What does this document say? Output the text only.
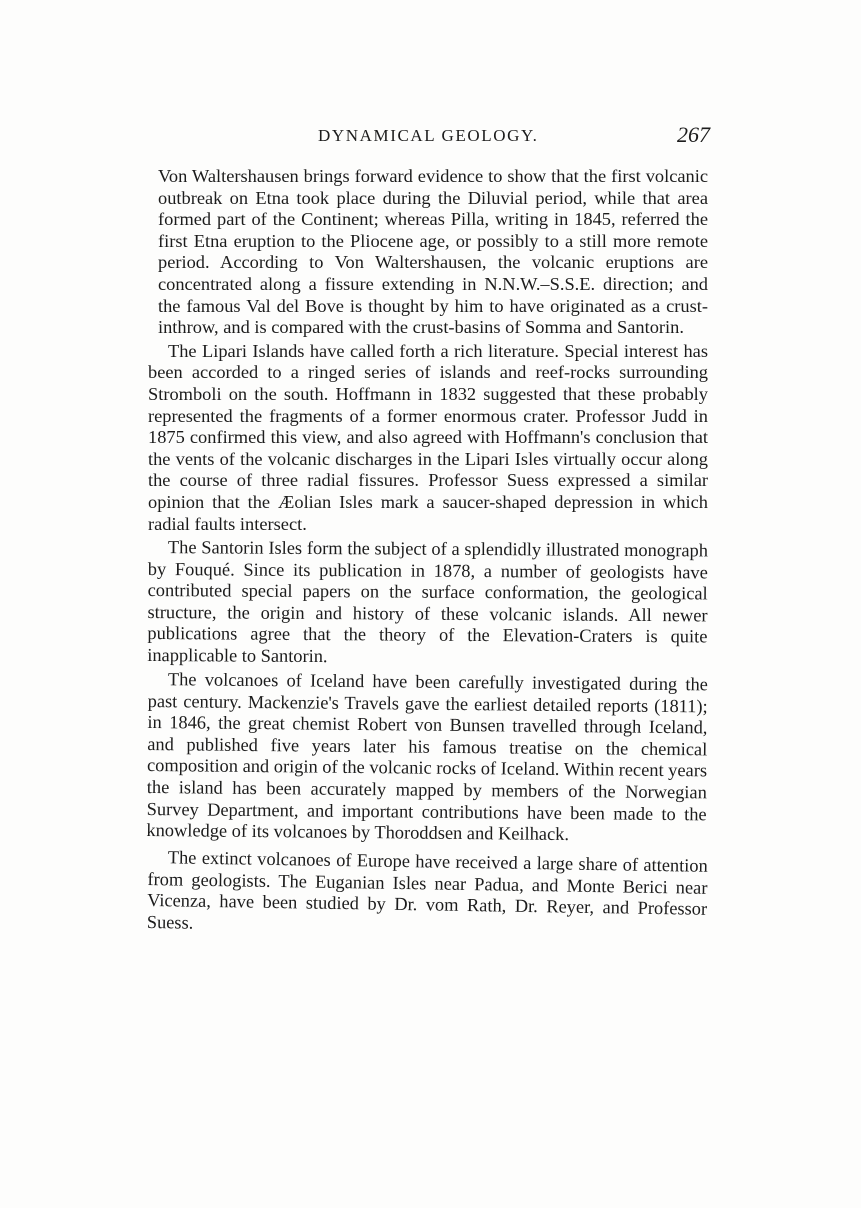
DYNAMICAL GEOLOGY.	267

Von Waltershausen brings forward evidence to show that the first volcanic outbreak on Etna took place during the Diluvial period, while that area formed part of the Continent; whereas Pilla, writing in 1845, referred the first Etna eruption to the Pliocene age, or possibly to a still more remote period. According to Von Waltershausen, the volcanic eruptions are concentrated along a fissure extending in N.N.W.–S.S.E. direction; and the famous Val del Bove is thought by him to have originated as a crust-inthrow, and is compared with the crust-basins of Somma and Santorin.

The Lipari Islands have called forth a rich literature. Special interest has been accorded to a ringed series of islands and reef-rocks surrounding Stromboli on the south. Hoffmann in 1832 suggested that these probably represented the fragments of a former enormous crater. Professor Judd in 1875 confirmed this view, and also agreed with Hoffmann's conclusion that the vents of the volcanic discharges in the Lipari Isles virtually occur along the course of three radial fissures. Professor Suess expressed a similar opinion that the Æolian Isles mark a saucer-shaped depression in which radial faults intersect.

The Santorin Isles form the subject of a splendidly illustrated monograph by Fouqué. Since its publication in 1878, a number of geologists have contributed special papers on the surface conformation, the geological structure, the origin and history of these volcanic islands. All newer publications agree that the theory of the Elevation-Craters is quite inapplicable to Santorin.

The volcanoes of Iceland have been carefully investigated during the past century. Mackenzie's Travels gave the earliest detailed reports (1811); in 1846, the great chemist Robert von Bunsen travelled through Iceland, and published five years later his famous treatise on the chemical composition and origin of the volcanic rocks of Iceland. Within recent years the island has been accurately mapped by members of the Norwegian Survey Department, and important contributions have been made to the knowledge of its volcanoes by Thoroddsen and Keilhack.

The extinct volcanoes of Europe have received a large share of attention from geologists. The Euganian Isles near Padua, and Monte Berici near Vicenza, have been studied by Dr. vom Rath, Dr. Reyer, and Professor Suess.
